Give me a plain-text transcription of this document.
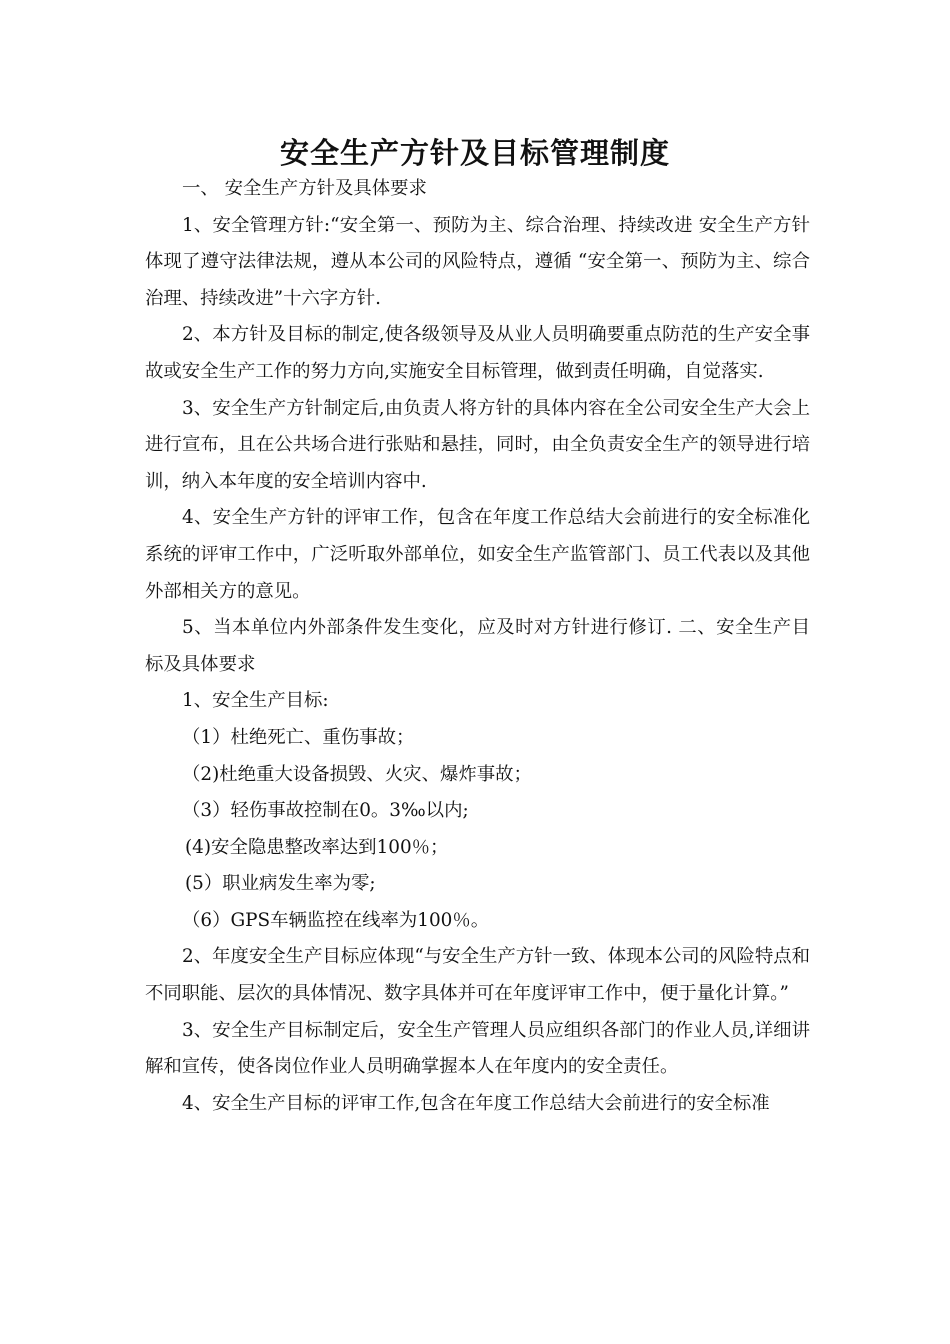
安全生产方针及目标管理制度

一、 安全生产方针及具体要求

1、安全管理方针:“安全第一、预防为主、综合治理、持续改进 安全生产方针体现了遵守法律法规，遵从本公司的风险特点，遵循 “安全第一、预防为主、综合治理、持续改进”十六字方针.

2、本方针及目标的制定,使各级领导及从业人员明确要重点防范的生产安全事故或安全生产工作的努力方向,实施安全目标管理，做到责任明确，自觉落实.

3、安全生产方针制定后,由负责人将方针的具体内容在全公司安全生产大会上进行宣布，且在公共场合进行张贴和悬挂，同时，由全负责安全生产的领导进行培训，纳入本年度的安全培训内容中.

4、安全生产方针的评审工作，包含在年度工作总结大会前进行的安全标准化系统的评审工作中，广泛听取外部单位，如安全生产监管部门、员工代表以及其他外部相关方的意见。

5、当本单位内外部条件发生变化，应及时对方针进行修订. 二、安全生产目标及具体要求

1、安全生产目标:

（1）杜绝死亡、重伤事故；

（2)杜绝重大设备损毁、火灾、爆炸事故；

（3）轻伤事故控制在0。3‰以内;

(4)安全隐患整改率达到100％；

(5）职业病发生率为零;

（6）GPS车辆监控在线率为100％。

2、年度安全生产目标应体现“与安全生产方针一致、体现本公司的风险特点和不同职能、层次的具体情况、数字具体并可在年度评审工作中，便于量化计算。”

3、安全生产目标制定后，安全生产管理人员应组织各部门的作业人员,详细讲解和宣传，使各岗位作业人员明确掌握本人在年度内的安全责任。

4、安全生产目标的评审工作,包含在年度工作总结大会前进行的安全标准
